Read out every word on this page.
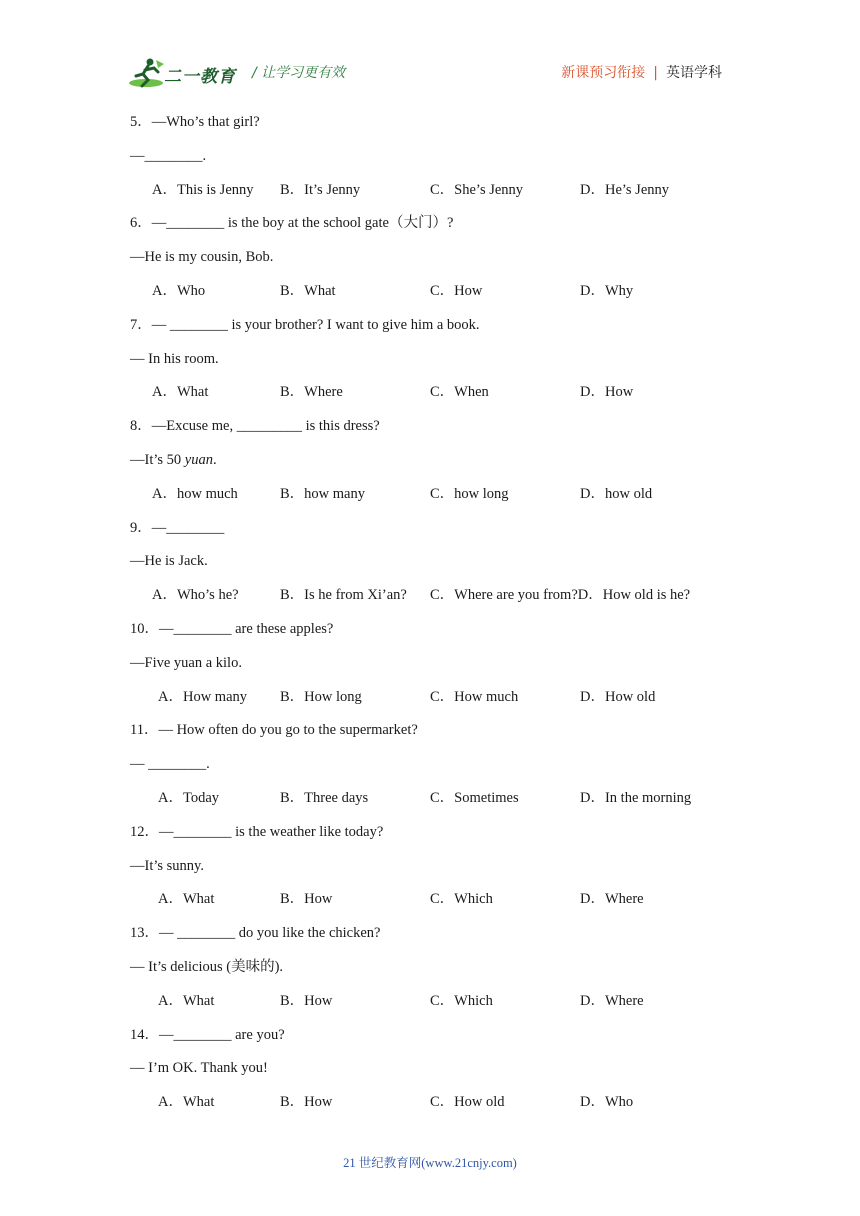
二一教育 / 让学习更有效	新课预习衔接 | 英语学科
5．—Who’s that girl?
—________.
A．This is Jenny B．It’s Jenny	C．She’s Jenny	D．He’s Jenny
6．—________ is the boy at the school gate（大门）?
—He is my cousin, Bob.
A．Who	B．What	C．How	D．Why
7．— ________ is your brother? I want to give him a book.
— In his room.
A．What	B．Where	C．When	D．How
8．—Excuse me, _________ is this dress?
—It’s 50 yuan.
A．how much	B．how many	C．how long	D．how old
9．—________
—He is Jack.
A．Who’s he?	B．Is he from Xi’an? C．Where are you from?D．How old is he?
10．—________ are these apples?
—Five yuan a kilo.
A．How many B．How long	C．How much	D．How old
11．— How often do you go to the supermarket?
— ________.
A．Today	B．Three days	C．Sometimes	D．In the morning
12．—________ is the weather like today?
—It’s sunny.
A．What	B．How	C．Which	D．Where
13．— ________ do you like the chicken?
— It’s delicious (美味的).
A．What	B．How	C．Which	D．Where
14．—________ are you?
— I’m OK. Thank you!
A．What	B．How	C．How old	D．Who
21 世纪教育网(www.21cnjy.com)
